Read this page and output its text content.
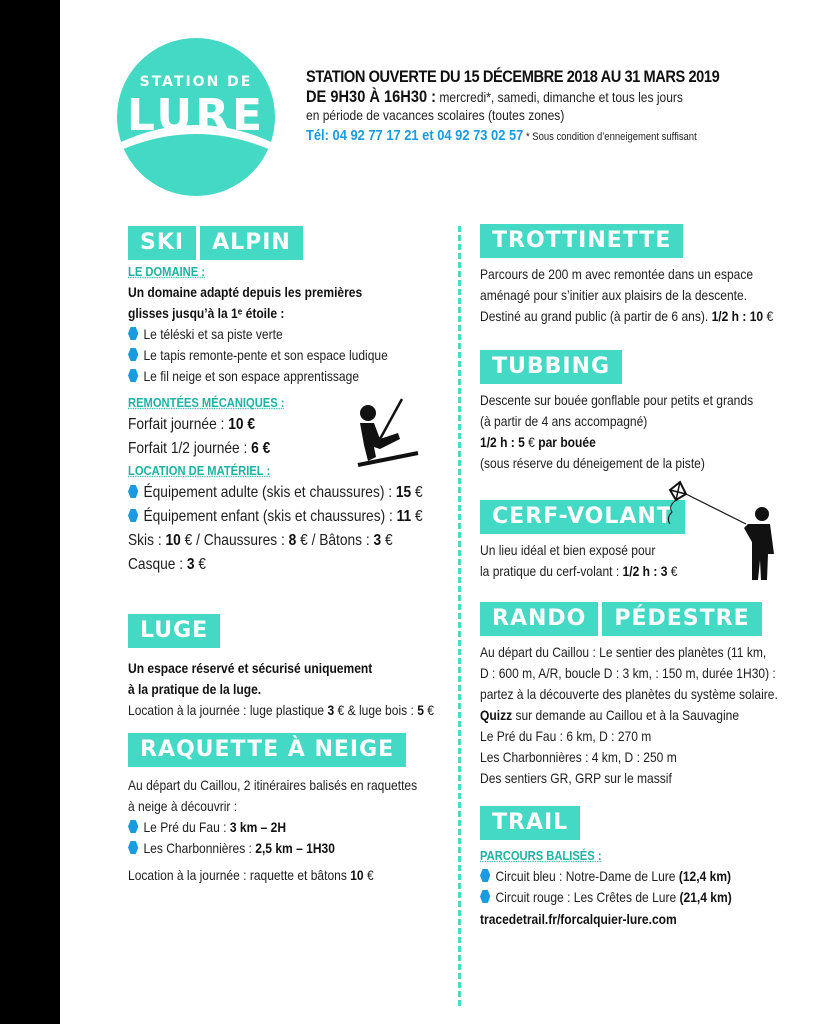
STATION DE
LURE
STATION OUVERTE DU 15 DÉCEMBRE 2018 AU 31 MARS 2019
DE 9H30 À 16H30 : mercredi*, samedi, dimanche et tous les jours
en période de vacances scolaires (toutes zones)
Tél: 04 92 77 17 21 et 04 92 73 02 57 * Sous condition d’enneigement suffisant
SKI ALPIN
LE DOMAINE :
Un domaine adapté depuis les premières
glisses jusqu’à la 1ᵉ étoile :
Le téléski et sa piste verte
Le tapis remonte-pente et son espace ludique
Le fil neige et son espace apprentissage
REMONTÉES MÉCANIQUES :
Forfait journée : 10 €
Forfait 1/2 journée : 6 €
LOCATION DE MATÉRIEL :
Équipement adulte (skis et chaussures) : 15 €
Équipement enfant (skis et chaussures) : 11 €
Skis : 10 € / Chaussures : 8 € / Bâtons : 3 €
Casque : 3 €
LUGE
Un espace réservé et sécurisé uniquement
à la pratique de la luge.
Location à la journée : luge plastique 3 € & luge bois : 5 €
RAQUETTE À NEIGE
Au départ du Caillou, 2 itinéraires balisés en raquettes
à neige à découvrir :
Le Pré du Fau : 3 km – 2H
Les Charbonnières : 2,5 km – 1H30
Location à la journée : raquette et bâtons 10 €
TROTTINETTE
Parcours de 200 m avec remontée dans un espace
aménagé pour s’initier aux plaisirs de la descente.
Destiné au grand public (à partir de 6 ans). 1/2 h : 10 €
TUBBING
Descente sur bouée gonflable pour petits et grands
(à partir de 4 ans accompagné)
1/2 h : 5 € par bouée
(sous réserve du déneigement de la piste)
CERF-VOLANT
Un lieu idéal et bien exposé pour
la pratique du cerf-volant : 1/2 h : 3 €
RANDO PÉDESTRE
Au départ du Caillou : Le sentier des planètes (11 km,
D : 600 m, A/R, boucle D : 3 km, : 150 m, durée 1H30) :
partez à la découverte des planètes du système solaire.
Quizz sur demande au Caillou et à la Sauvagine
Le Pré du Fau : 6 km, D : 270 m
Les Charbonnières : 4 km, D : 250 m
Des sentiers GR, GRP sur le massif
TRAIL
PARCOURS BALISÉS :
Circuit bleu : Notre-Dame de Lure (12,4 km)
Circuit rouge : Les Crêtes de Lure (21,4 km)
tracedetrail.fr/forcalquier-lure.com
